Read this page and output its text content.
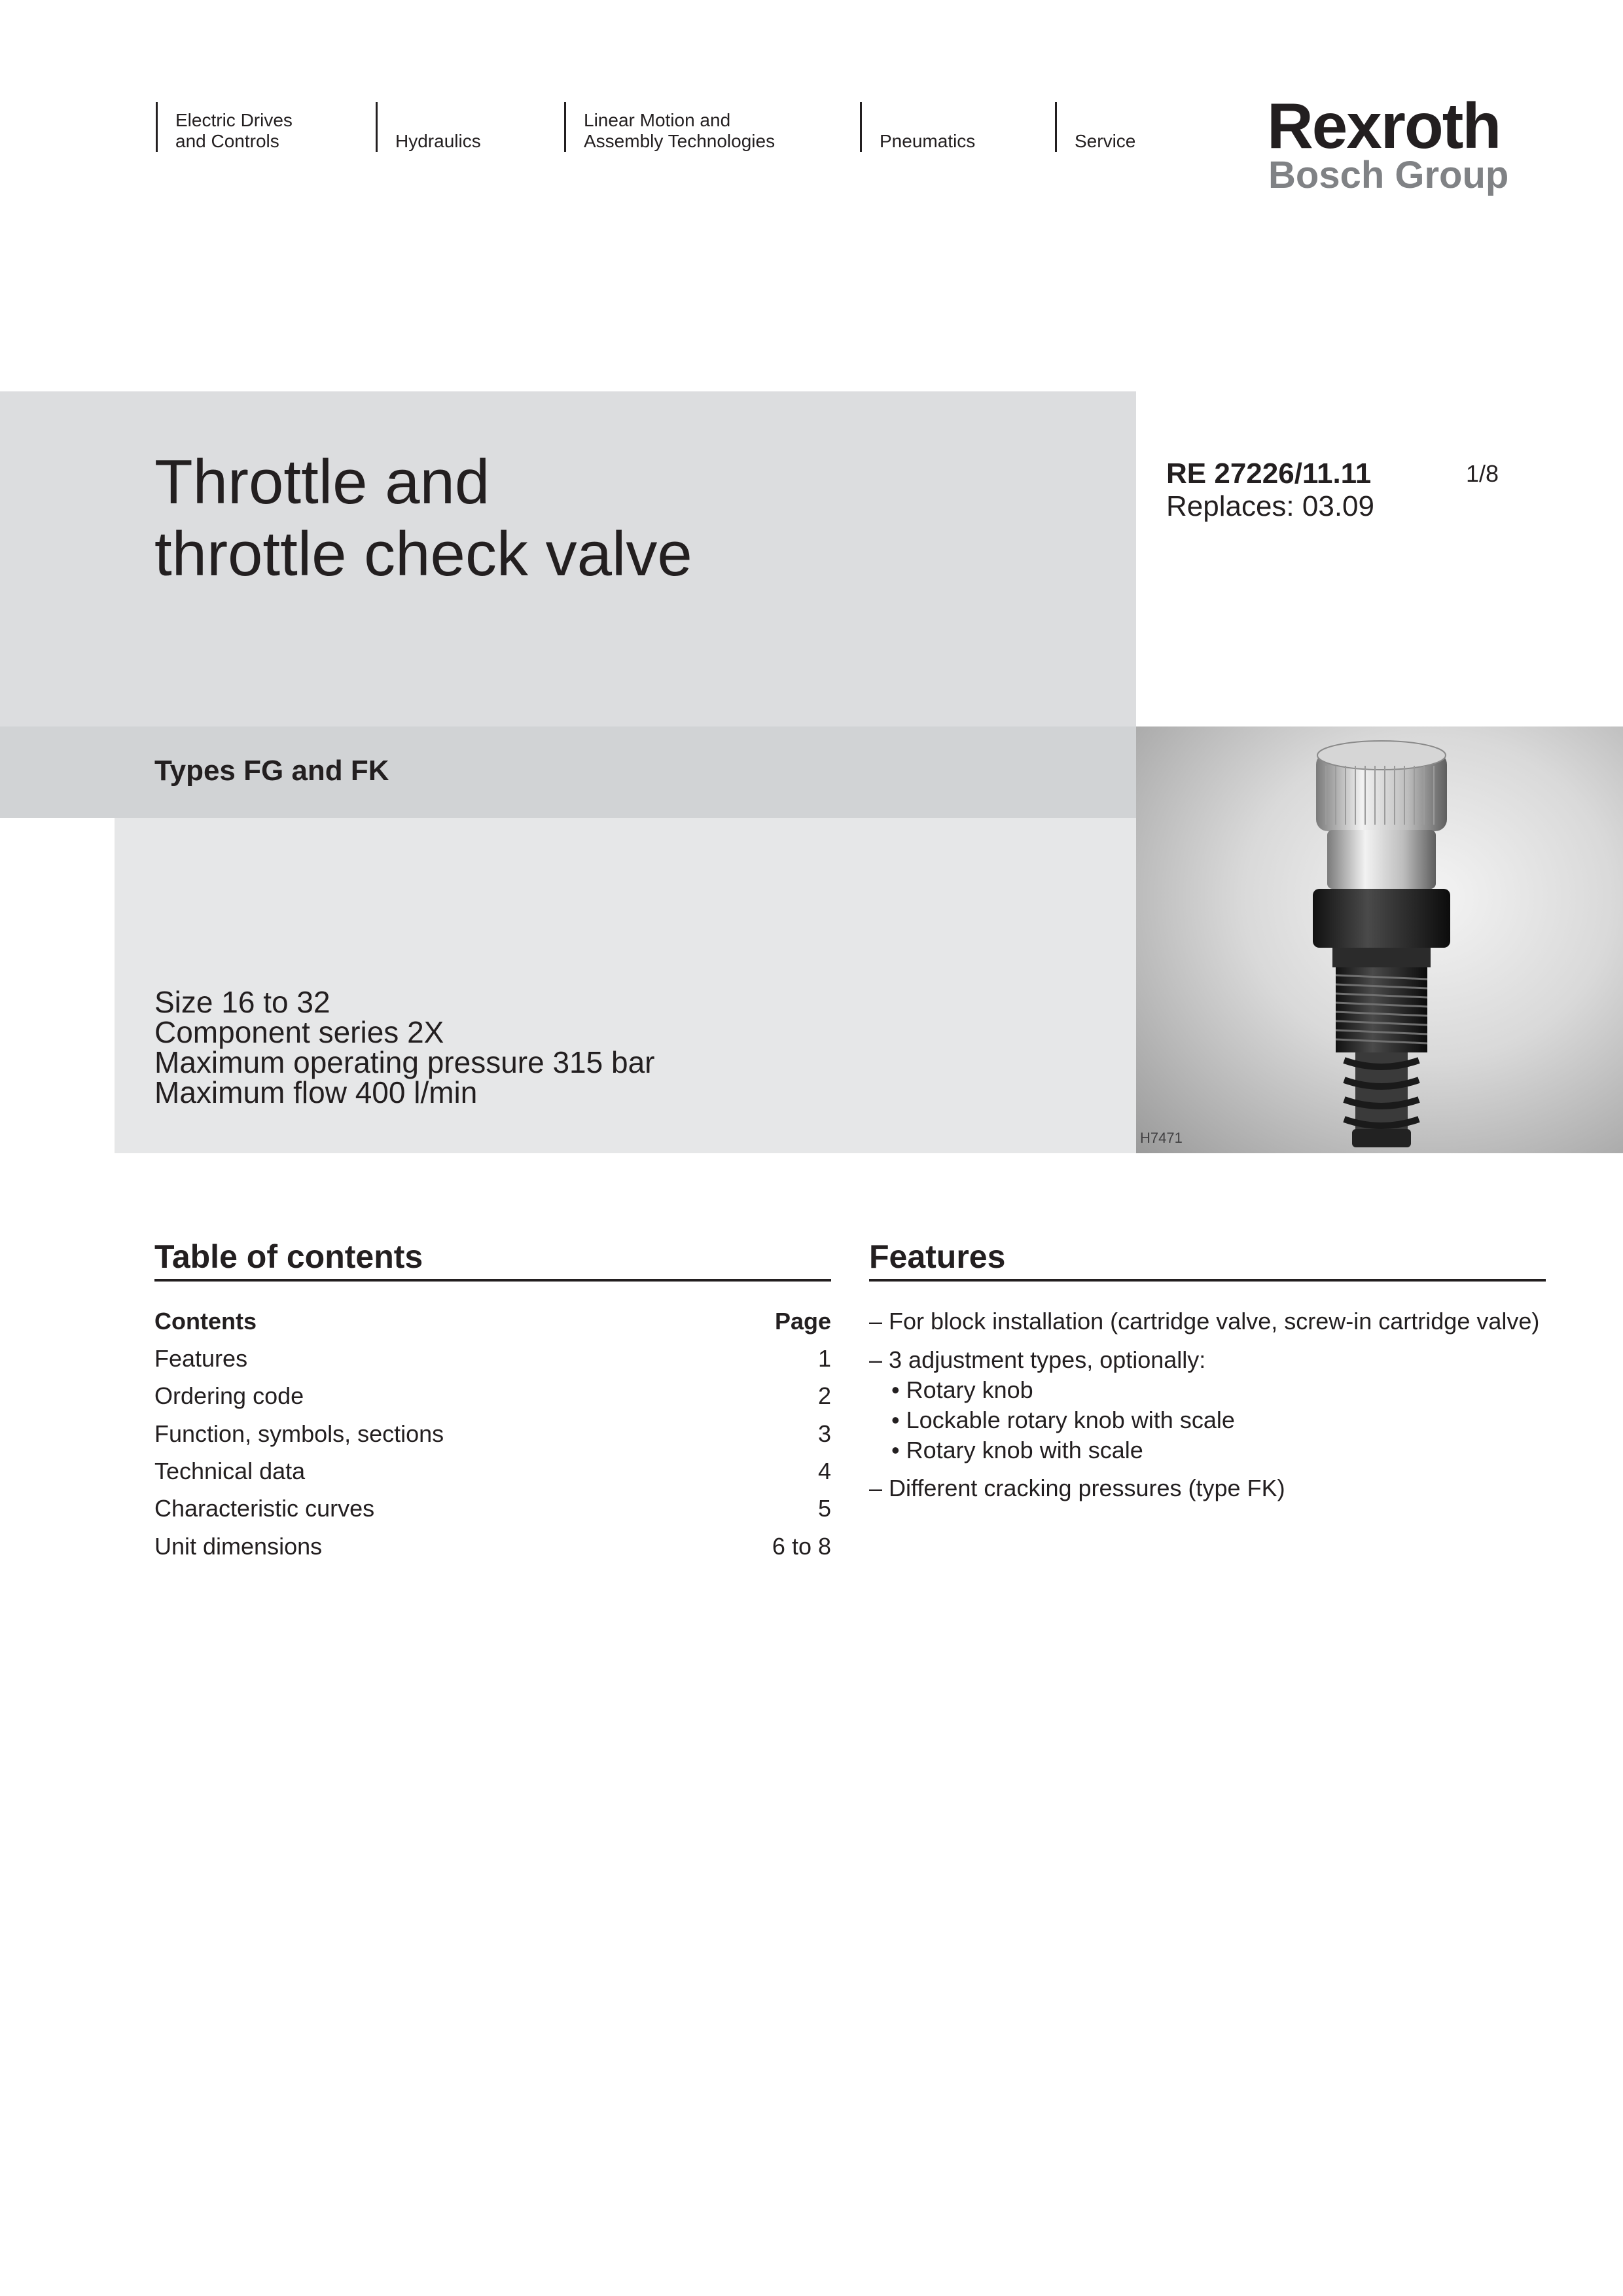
Electric Drives
and Controls	Hydraulics
Linear Motion and
Assembly Technologies	Pneumatics	Service Rexroth
Bosch Group
Throttle and
throttle check valve
Types FG and FK
Size 16 to 32
Component series 2X
Maximum operating pressure 315 bar
Maximum flow 400 l/min
RE 27226/11.11
Replaces: 03.09
1/8
H7471
Table of contents
Contents	Page
Features	1
Ordering code	2
Function, symbols, sections	3
Technical data	4
Characteristic curves	5
Unit dimensions	6 to 8
Features
– For block installation (cartridge valve, screw-in cartridge valve)
– 3 adjustment types, optionally:
• Rotary knob
• Lockable rotary knob with scale
• Rotary knob with scale
– Different cracking pressures (type FK)
